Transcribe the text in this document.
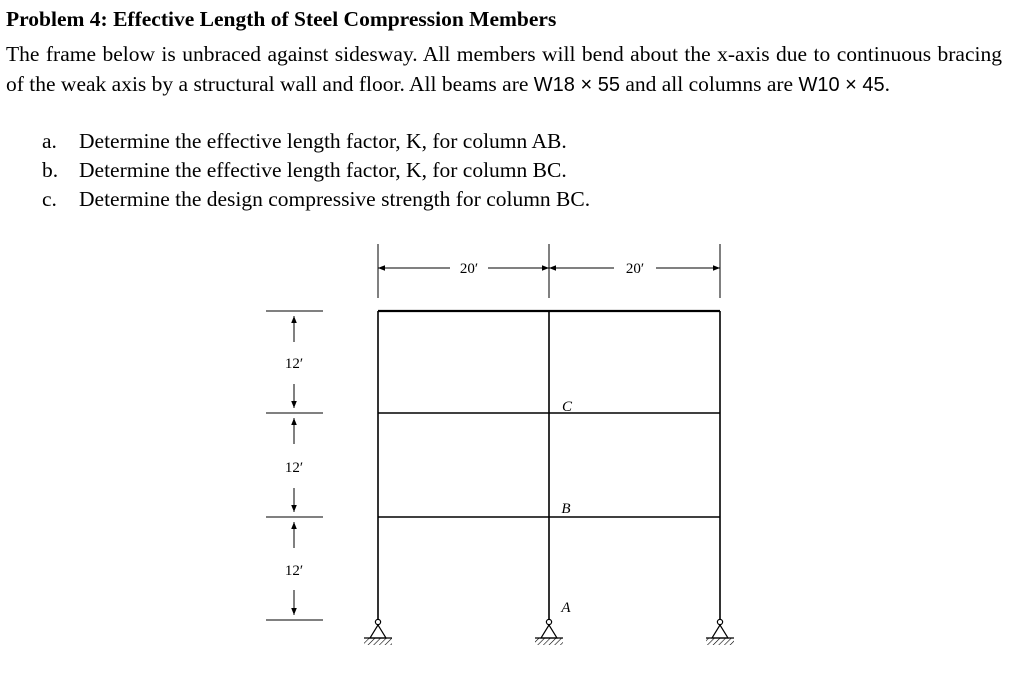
Problem 4: Effective Length of Steel Compression Members

The frame below is unbraced against sidesway. All members will bend about the x-axis due to continuous bracing of the weak axis by a structural wall and floor. All beams are W18 × 55 and all columns are W10 × 45.

a. Determine the effective length factor, K, for column AB.
b. Determine the effective length factor, K, for column BC.
c. Determine the design compressive strength for column BC.
20′	20′
12′
12′
12′
C
B
A
